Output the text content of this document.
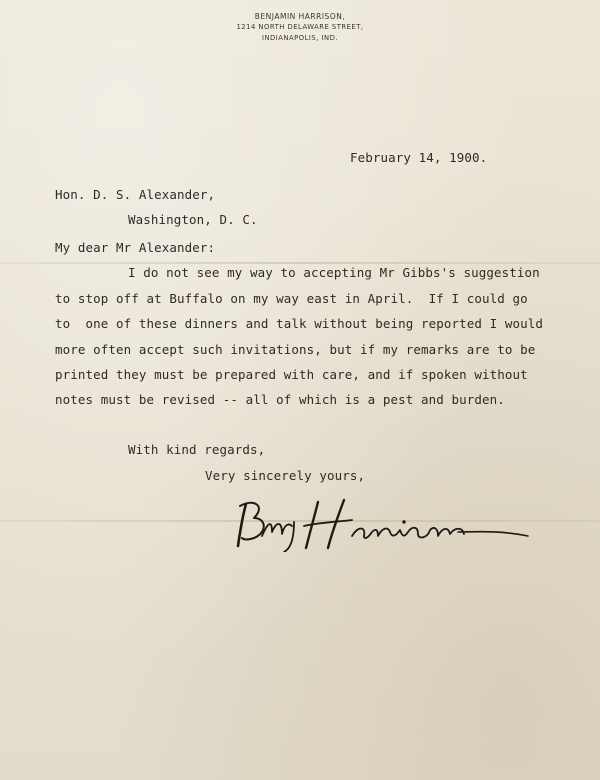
BENJAMIN HARRISON,
1214 NORTH DELAWARE STREET,
INDIANAPOLIS, IND.
February 14, 1900.
Hon. D. S. Alexander,
Washington, D. C.
My dear Mr Alexander:
I do not see my way to accepting Mr Gibbs's suggestion
to stop off at Buffalo on my way east in April.  If I could go
to  one of these dinners and talk without being reported I would
more often accept such invitations, but if my remarks are to be
printed they must be prepared with care, and if spoken without
notes must be revised -- all of which is a pest and burden.
With kind regards,
Very sincerely yours,
